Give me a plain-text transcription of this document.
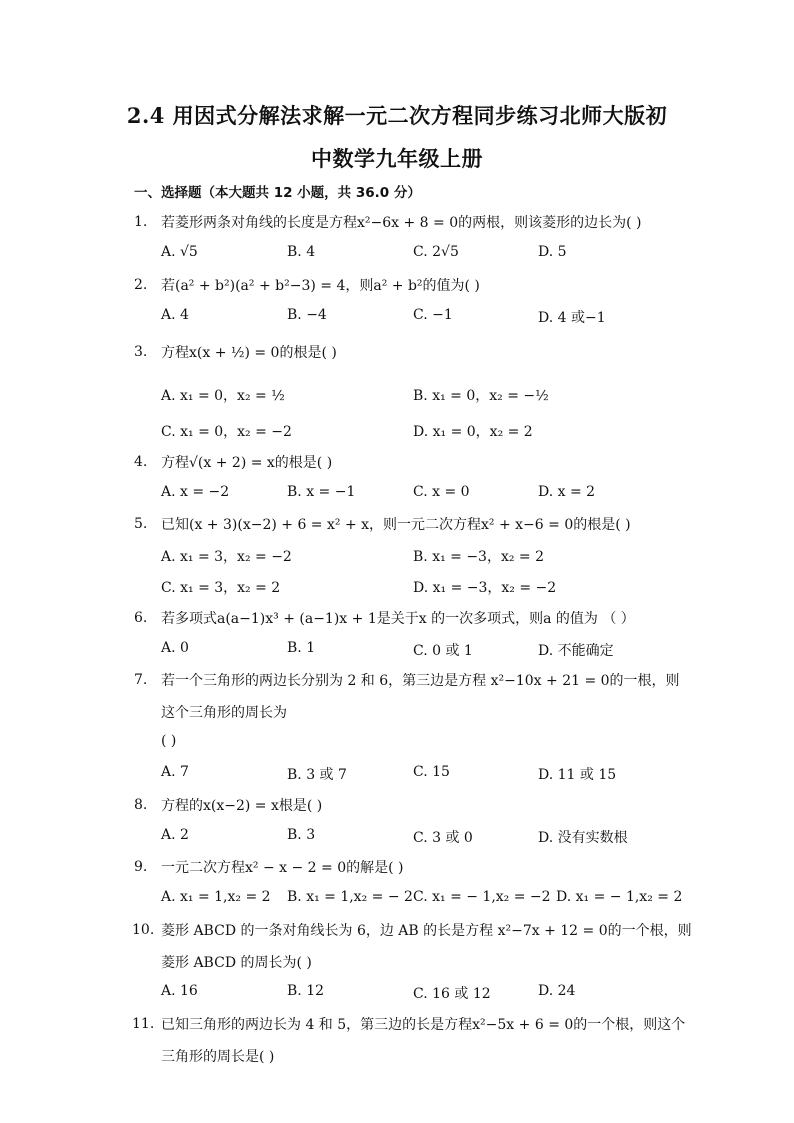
2.4 用因式分解法求解一元二次方程同步练习北师大版初
中数学九年级上册
一、选择题（本大题共 12 小题，共 36.0 分）
1. 若菱形两条对角线的长度是方程x²−6x + 8 = 0的两根，则该菱形的边长为( )
A. √5	B. 4	C. 2√5	D. 5
2. 若(a² + b²)(a² + b²−3) = 4，则a² + b²的值为( )
A. 4	B. −4	C. −1	D. 4 或−1
3. 方程x(x + ½) = 0的根是( )
A. x₁ = 0，x₂ = ½	B. x₁ = 0，x₂ = −½
C. x₁ = 0，x₂ = −2	D. x₁ = 0，x₂ = 2
4. 方程√(x + 2) = x的根是( )
A. x = −2	B. x = −1	C. x = 0	D. x = 2
5. 已知(x + 3)(x−2) + 6 = x² + x，则一元二次方程x² + x−6 = 0的根是( )
A. x₁ = 3，x₂ = −2	B. x₁ = −3，x₂ = 2
C. x₁ = 3，x₂ = 2	D. x₁ = −3，x₂ = −2
6. 若多项式a(a−1)x³ + (a−1)x + 1是关于x 的一次多项式，则a 的值为 （ ）
A. 0	B. 1	C. 0 或 1	D. 不能确定
7. 若一个三角形的两边长分别为 2 和 6，第三边是方程 x²−10x + 21 = 0的一根，则
这个三角形的周长为
( )
A. 7	B. 3 或 7	C. 15	D. 11 或 15
8. 方程的x(x−2) = x根是( )
A. 2	B. 3	C. 3 或 0	D. 没有实数根
9. 一元二次方程x² − x − 2 = 0的解是( )
A. x₁ = 1,x₂ = 2 B. x₁ = 1,x₂ = − 2 C. x₁ = − 1,x₂ = −2 D. x₁ = − 1,x₂ = 2
10. 菱形 ABCD 的一条对角线长为 6，边 AB 的长是方程 x²−7x + 12 = 0的一个根，则
菱形 ABCD 的周长为( )
A. 16	B. 12	C. 16 或 12	D. 24
11. 已知三角形的两边长为 4 和 5，第三边的长是方程x²−5x + 6 = 0的一个根，则这个
三角形的周长是( )
